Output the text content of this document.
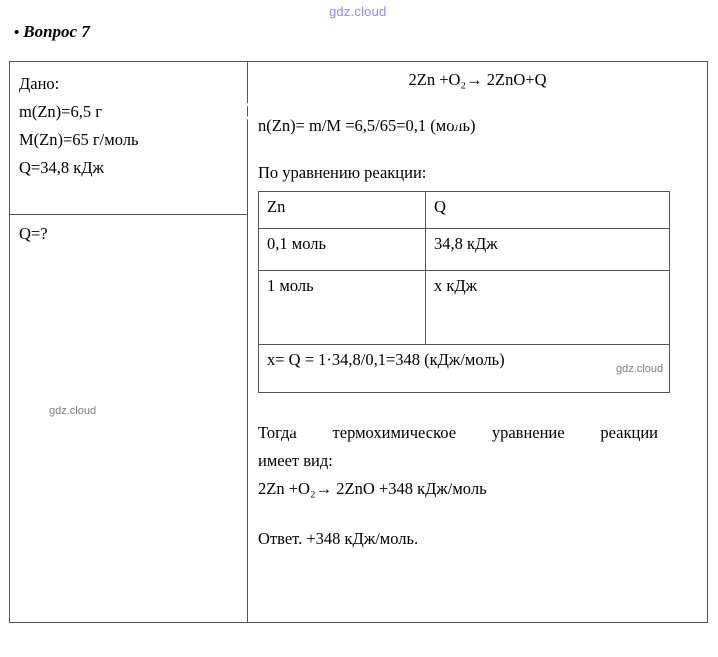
gdz.cloud
• Вопрос 7
Дано:
m(Zn)=6,5 г
M(Zn)=65 г/моль
Q=34,8 кДж
Q=?
2Zn +O₂→ 2ZnO+Q
n(Zn)= m/M =6,5/65=0,1 (моль)
По уравнению реакции:
Zn	Q
0,1 моль	34,8 кДж
1 моль	х кДж
x= Q = 1·34,8/0,1=348 (кДж/моль)	
Тогда термохимическое уравнение реакции
имеет вид:
2Zn +O₂→ 2ZnO +348 кДж/моль
Ответ. +348 кДж/моль.
gdz.cloud	gdz.cloud
gdz.cloud
gdz.cloud
gdz.cloud
gdz.cloud
gdz.cloud
